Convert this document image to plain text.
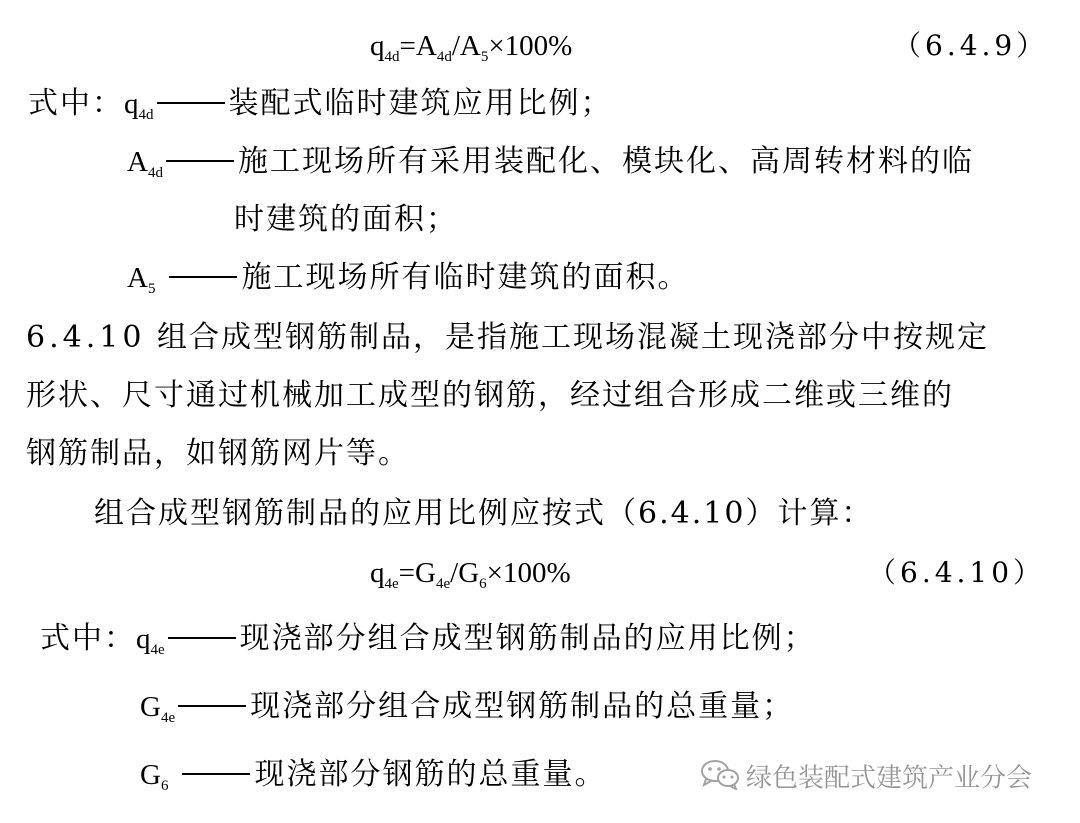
$q_{4d}=A_{4d}/A_5\times 100\%$	（6.4.9）
式中：$q_{4d}$	装配式临时建筑应用比例；
$A_{4d}$	施工现场所有采用装配化、模块化、高周转材料的临
时建筑的面积；
$A_5$	施工现场所有临时建筑的面积。
6.4.10 组合成型钢筋制品，是指施工现场混凝土现浇部分中按规定
形状、尺寸通过机械加工成型的钢筋，经过组合形成二维或三维的
钢筋制品，如钢筋网片等。
组合成型钢筋制品的应用比例应按式（6.4.10）计算：
$q_{4e}=G_{4e}/G_6\times 100\%$	（6.4.10）
式中：$q_{4e}$	现浇部分组合成型钢筋制品的应用比例；
$G_{4e}$	现浇部分组合成型钢筋制品的总重量；
$G_6$	现浇部分钢筋的总重量。	绿色装配式建筑产业分会
